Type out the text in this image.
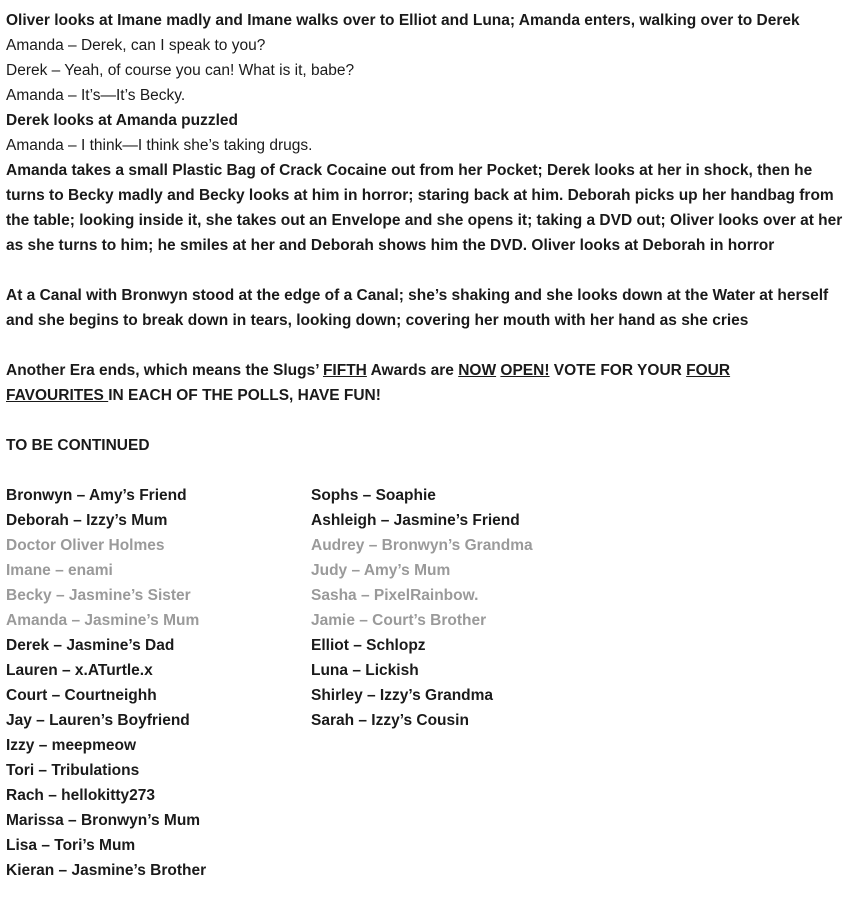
Oliver looks at Imane madly and Imane walks over to Elliot and Luna; Amanda enters, walking over to Derek

Amanda – Derek, can I speak to you?

Derek – Yeah, of course you can! What is it, babe?

Amanda – It’s—It’s Becky.

Derek looks at Amanda puzzled

Amanda – I think—I think she’s taking drugs.

Amanda takes a small Plastic Bag of Crack Cocaine out from her Pocket; Derek looks at her in shock, then he turns to Becky madly and Becky looks at him in horror; staring back at him. Deborah picks up her handbag from the table; looking inside it, she takes out an Envelope and she opens it; taking a DVD out; Oliver looks over at her as she turns to him; he smiles at her and Deborah shows him the DVD. Oliver looks at Deborah in horror

At a Canal with Bronwyn stood at the edge of a Canal; she’s shaking and she looks down at the Water at herself and she begins to break down in tears, looking down; covering her mouth with her hand as she cries

Another Era ends, which means the Slugs’ FIFTH Awards are NOW OPEN! VOTE FOR YOUR FOUR
FAVOURITES IN EACH OF THE POLLS, HAVE FUN!

TO BE CONTINUED

Bronwyn – Amy’s Friend
Deborah – Izzy’s Mum
Doctor Oliver Holmes
Imane – enami
Becky – Jasmine’s Sister
Amanda – Jasmine’s Mum
Derek – Jasmine’s Dad
Lauren – x.ATurtle.x
Court – Courtneighh
Jay – Lauren’s Boyfriend
Izzy – meepmeow
Tori – Tribulations
Rach – hellokitty273
Marissa – Bronwyn’s Mum
Lisa – Tori’s Mum
Kieran – Jasmine’s Brother
Sophs – Soaphie
Ashleigh – Jasmine’s Friend
Audrey – Bronwyn’s Grandma
Judy – Amy’s Mum
Sasha – PixelRainbow.
Jamie – Court’s Brother
Elliot – Schlopz
Luna – Lickish
Shirley – Izzy’s Grandma
Sarah – Izzy’s Cousin
